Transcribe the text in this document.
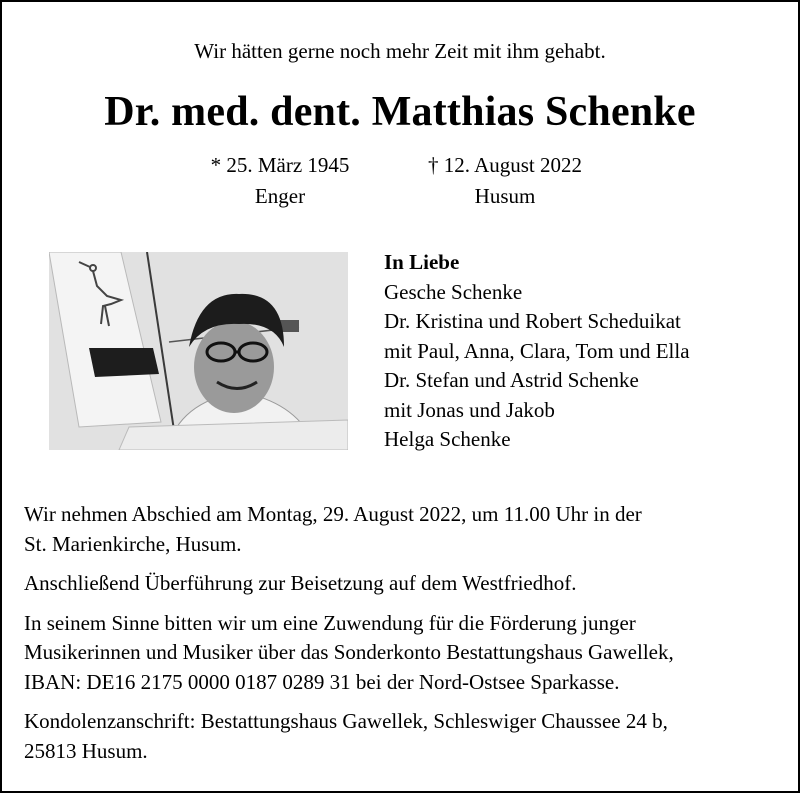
Wir hätten gerne noch mehr Zeit mit ihm gehabt.
Dr. med. dent. Matthias Schenke
* 25. März 1945
Enger
† 12. August 2022
Husum
In Liebe
Gesche Schenke
Dr. Kristina und Robert Scheduikat
mit Paul, Anna, Clara, Tom und Ella
Dr. Stefan und Astrid Schenke
mit Jonas und Jakob
Helga Schenke

Wir nehmen Abschied am Montag, 29. August 2022, um 11.00 Uhr in der
St. Marienkirche, Husum.

Anschließend Überführung zur Beisetzung auf dem Westfriedhof.

In seinem Sinne bitten wir um eine Zuwendung für die Förderung junger
Musikerinnen und Musiker über das Sonderkonto Bestattungshaus Gawellek,
IBAN: DE16 2175 0000 0187 0289 31 bei der Nord-Ostsee Sparkasse.

Kondolenzanschrift: Bestattungshaus Gawellek, Schleswiger Chaussee 24 b,
25813 Husum.
